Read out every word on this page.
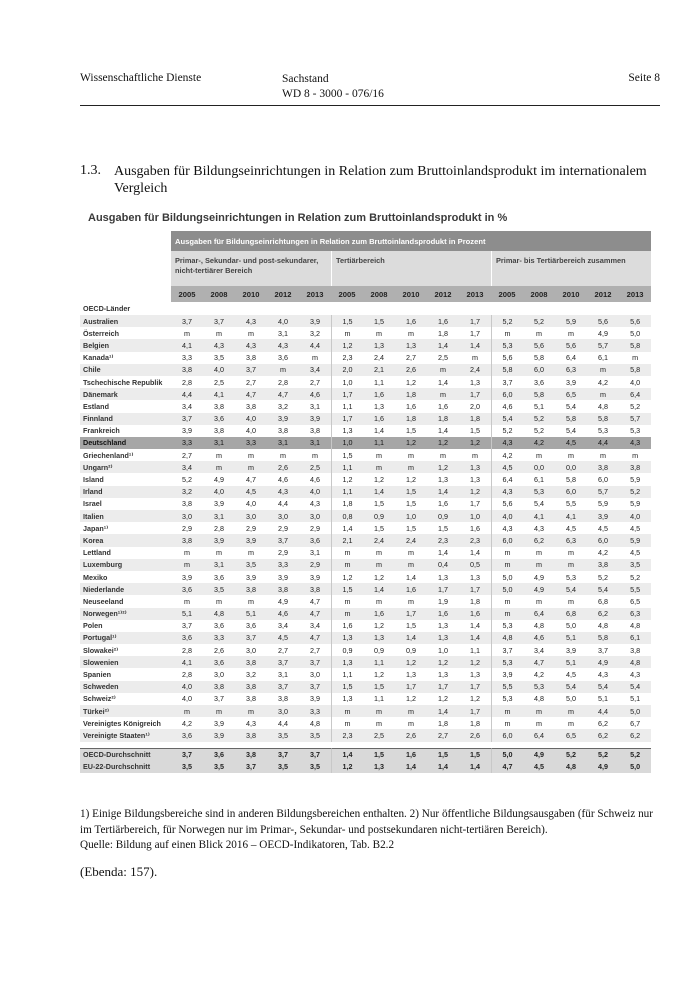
Wissenschaftliche Dienste	Sachstand
WD 8 - 3000 - 076/16
Seite 8
1.3. Ausgaben für Bildungseinrichtungen in Relation zum Bruttoinlandsprodukt im internationalem Vergleich
Ausgaben für Bildungseinrichtungen in Relation zum Bruttoinlandsprodukt in %
	Ausgaben für Bildungseinrichtungen in Relation zum Bruttoinlandsprodukt in Prozent														
	Primar-, Sekundar- und post-sekundarer, nicht-tertiärer Bereich					Tertiärbereich					Primar- bis Tertiärbereich zusammen				
	2005	2008	2010	2012	2013	2005	2008	2010	2012	2013	2005	2008	2010	2012	2013
OECD-Länder															
Australien	3,7	3,7	4,3	4,0	3,9	1,5	1,5	1,6	1,6	1,7	5,2	5,2	5,9	5,6	5,6
Österreich	m	m	m	3,1	3,2	m	m	m	1,8	1,7	m	m	m	4,9	5,0
Belgien	4,1	4,3	4,3	4,3	4,4	1,2	1,3	1,3	1,4	1,4	5,3	5,6	5,6	5,7	5,8
Kanada¹⁾	3,3	3,5	3,8	3,6	m	2,3	2,4	2,7	2,5	m	5,6	5,8	6,4	6,1	m
Chile	3,8	4,0	3,7	m	3,4	2,0	2,1	2,6	m	2,4	5,8	6,0	6,3	m	5,8
Tschechische Republik	2,8	2,5	2,7	2,8	2,7	1,0	1,1	1,2	1,4	1,3	3,7	3,6	3,9	4,2	4,0
Dänemark	4,4	4,1	4,7	4,7	4,6	1,7	1,6	1,8	m	1,7	6,0	5,8	6,5	m	6,4
Estland	3,4	3,8	3,8	3,2	3,1	1,1	1,3	1,6	1,6	2,0	4,6	5,1	5,4	4,8	5,2
Finnland	3,7	3,6	4,0	3,9	3,9	1,7	1,6	1,8	1,8	1,8	5,4	5,2	5,8	5,8	5,7
Frankreich	3,9	3,8	4,0	3,8	3,8	1,3	1,4	1,5	1,4	1,5	5,2	5,2	5,4	5,3	5,3
Deutschland	3,3	3,1	3,3	3,1	3,1	1,0	1,1	1,2	1,2	1,2	4,3	4,2	4,5	4,4	4,3
Griechenland¹⁾	2,7	m	m	m	m	1,5	m	m	m	m	4,2	m	m	m	m
Ungarn²⁾	3,4	m	m	2,6	2,5	1,1	m	m	1,2	1,3	4,5	0,0	0,0	3,8	3,8
Island	5,2	4,9	4,7	4,6	4,6	1,2	1,2	1,2	1,3	1,3	6,4	6,1	5,8	6,0	5,9
Irland	3,2	4,0	4,5	4,3	4,0	1,1	1,4	1,5	1,4	1,2	4,3	5,3	6,0	5,7	5,2
Israel	3,8	3,9	4,0	4,4	4,3	1,8	1,5	1,5	1,6	1,7	5,6	5,4	5,5	5,9	5,9
Italien	3,0	3,1	3,0	3,0	3,0	0,8	0,9	1,0	0,9	1,0	4,0	4,1	4,1	3,9	4,0
Japan¹⁾	2,9	2,8	2,9	2,9	2,9	1,4	1,5	1,5	1,5	1,6	4,3	4,3	4,5	4,5	4,5
Korea	3,8	3,9	3,9	3,7	3,6	2,1	2,4	2,4	2,3	2,3	6,0	6,2	6,3	6,0	5,9
Lettland	m	m	m	2,9	3,1	m	m	m	1,4	1,4	m	m	m	4,2	4,5
Luxemburg	m	3,1	3,5	3,3	2,9	m	m	m	0,4	0,5	m	m	m	3,8	3,5
Mexiko	3,9	3,6	3,9	3,9	3,9	1,2	1,2	1,4	1,3	1,3	5,0	4,9	5,3	5,2	5,2
Niederlande	3,6	3,5	3,8	3,8	3,8	1,5	1,4	1,6	1,7	1,7	5,0	4,9	5,4	5,4	5,5
Neuseeland	m	m	m	4,9	4,7	m	m	m	1,9	1,8	m	m	m	6,8	6,5
Norwegen¹⁾²⁾	5,1	4,8	5,1	4,6	4,7	m	1,6	1,7	1,6	1,6	m	6,4	6,8	6,2	6,3
Polen	3,7	3,6	3,6	3,4	3,4	1,6	1,2	1,5	1,3	1,4	5,3	4,8	5,0	4,8	4,8
Portugal¹⁾	3,6	3,3	3,7	4,5	4,7	1,3	1,3	1,4	1,3	1,4	4,8	4,6	5,1	5,8	6,1
Slowakei²⁾	2,8	2,6	3,0	2,7	2,7	0,9	0,9	0,9	1,0	1,1	3,7	3,4	3,9	3,7	3,8
Slowenien	4,1	3,6	3,8	3,7	3,7	1,3	1,1	1,2	1,2	1,2	5,3	4,7	5,1	4,9	4,8
Spanien	2,8	3,0	3,2	3,1	3,0	1,1	1,2	1,3	1,3	1,3	3,9	4,2	4,5	4,3	4,3
Schweden	4,0	3,8	3,8	3,7	3,7	1,5	1,5	1,7	1,7	1,7	5,5	5,3	5,4	5,4	5,4
Schweiz²⁾	4,0	3,7	3,8	3,8	3,9	1,3	1,1	1,2	1,2	1,2	5,3	4,8	5,0	5,1	5,1
Türkei²⁾	m	m	m	3,0	3,3	m	m	m	1,4	1,7	m	m	m	4,4	5,0
Vereinigtes Königreich	4,2	3,9	4,3	4,4	4,8	m	m	m	1,8	1,8	m	m	m	6,2	6,7
Vereinigte Staaten¹⁾	3,6	3,9	3,8	3,5	3,5	2,3	2,5	2,6	2,7	2,6	6,0	6,4	6,5	6,2	6,2

OECD-Durchschnitt	3,7	3,6	3,8	3,7	3,7	1,4	1,5	1,6	1,5	1,5	5,0	4,9	5,2	5,2	5,2
EU-22-Durchschnitt	3,5	3,5	3,7	3,5	3,5	1,2	1,3	1,4	1,4	1,4	4,7	4,5	4,8	4,9	5,0
1) Einige Bildungsbereiche sind in anderen Bildungsbereichen enthalten. 2) Nur öffentliche Bildungsausgaben (für Schweiz nur im Tertiärbereich, für Norwegen nur im Primar-, Sekundar- und postsekundaren nicht-tertiären Bereich).
Quelle: Bildung auf einen Blick 2016 – OECD-Indikatoren, Tab. B2.2
(Ebenda: 157).
